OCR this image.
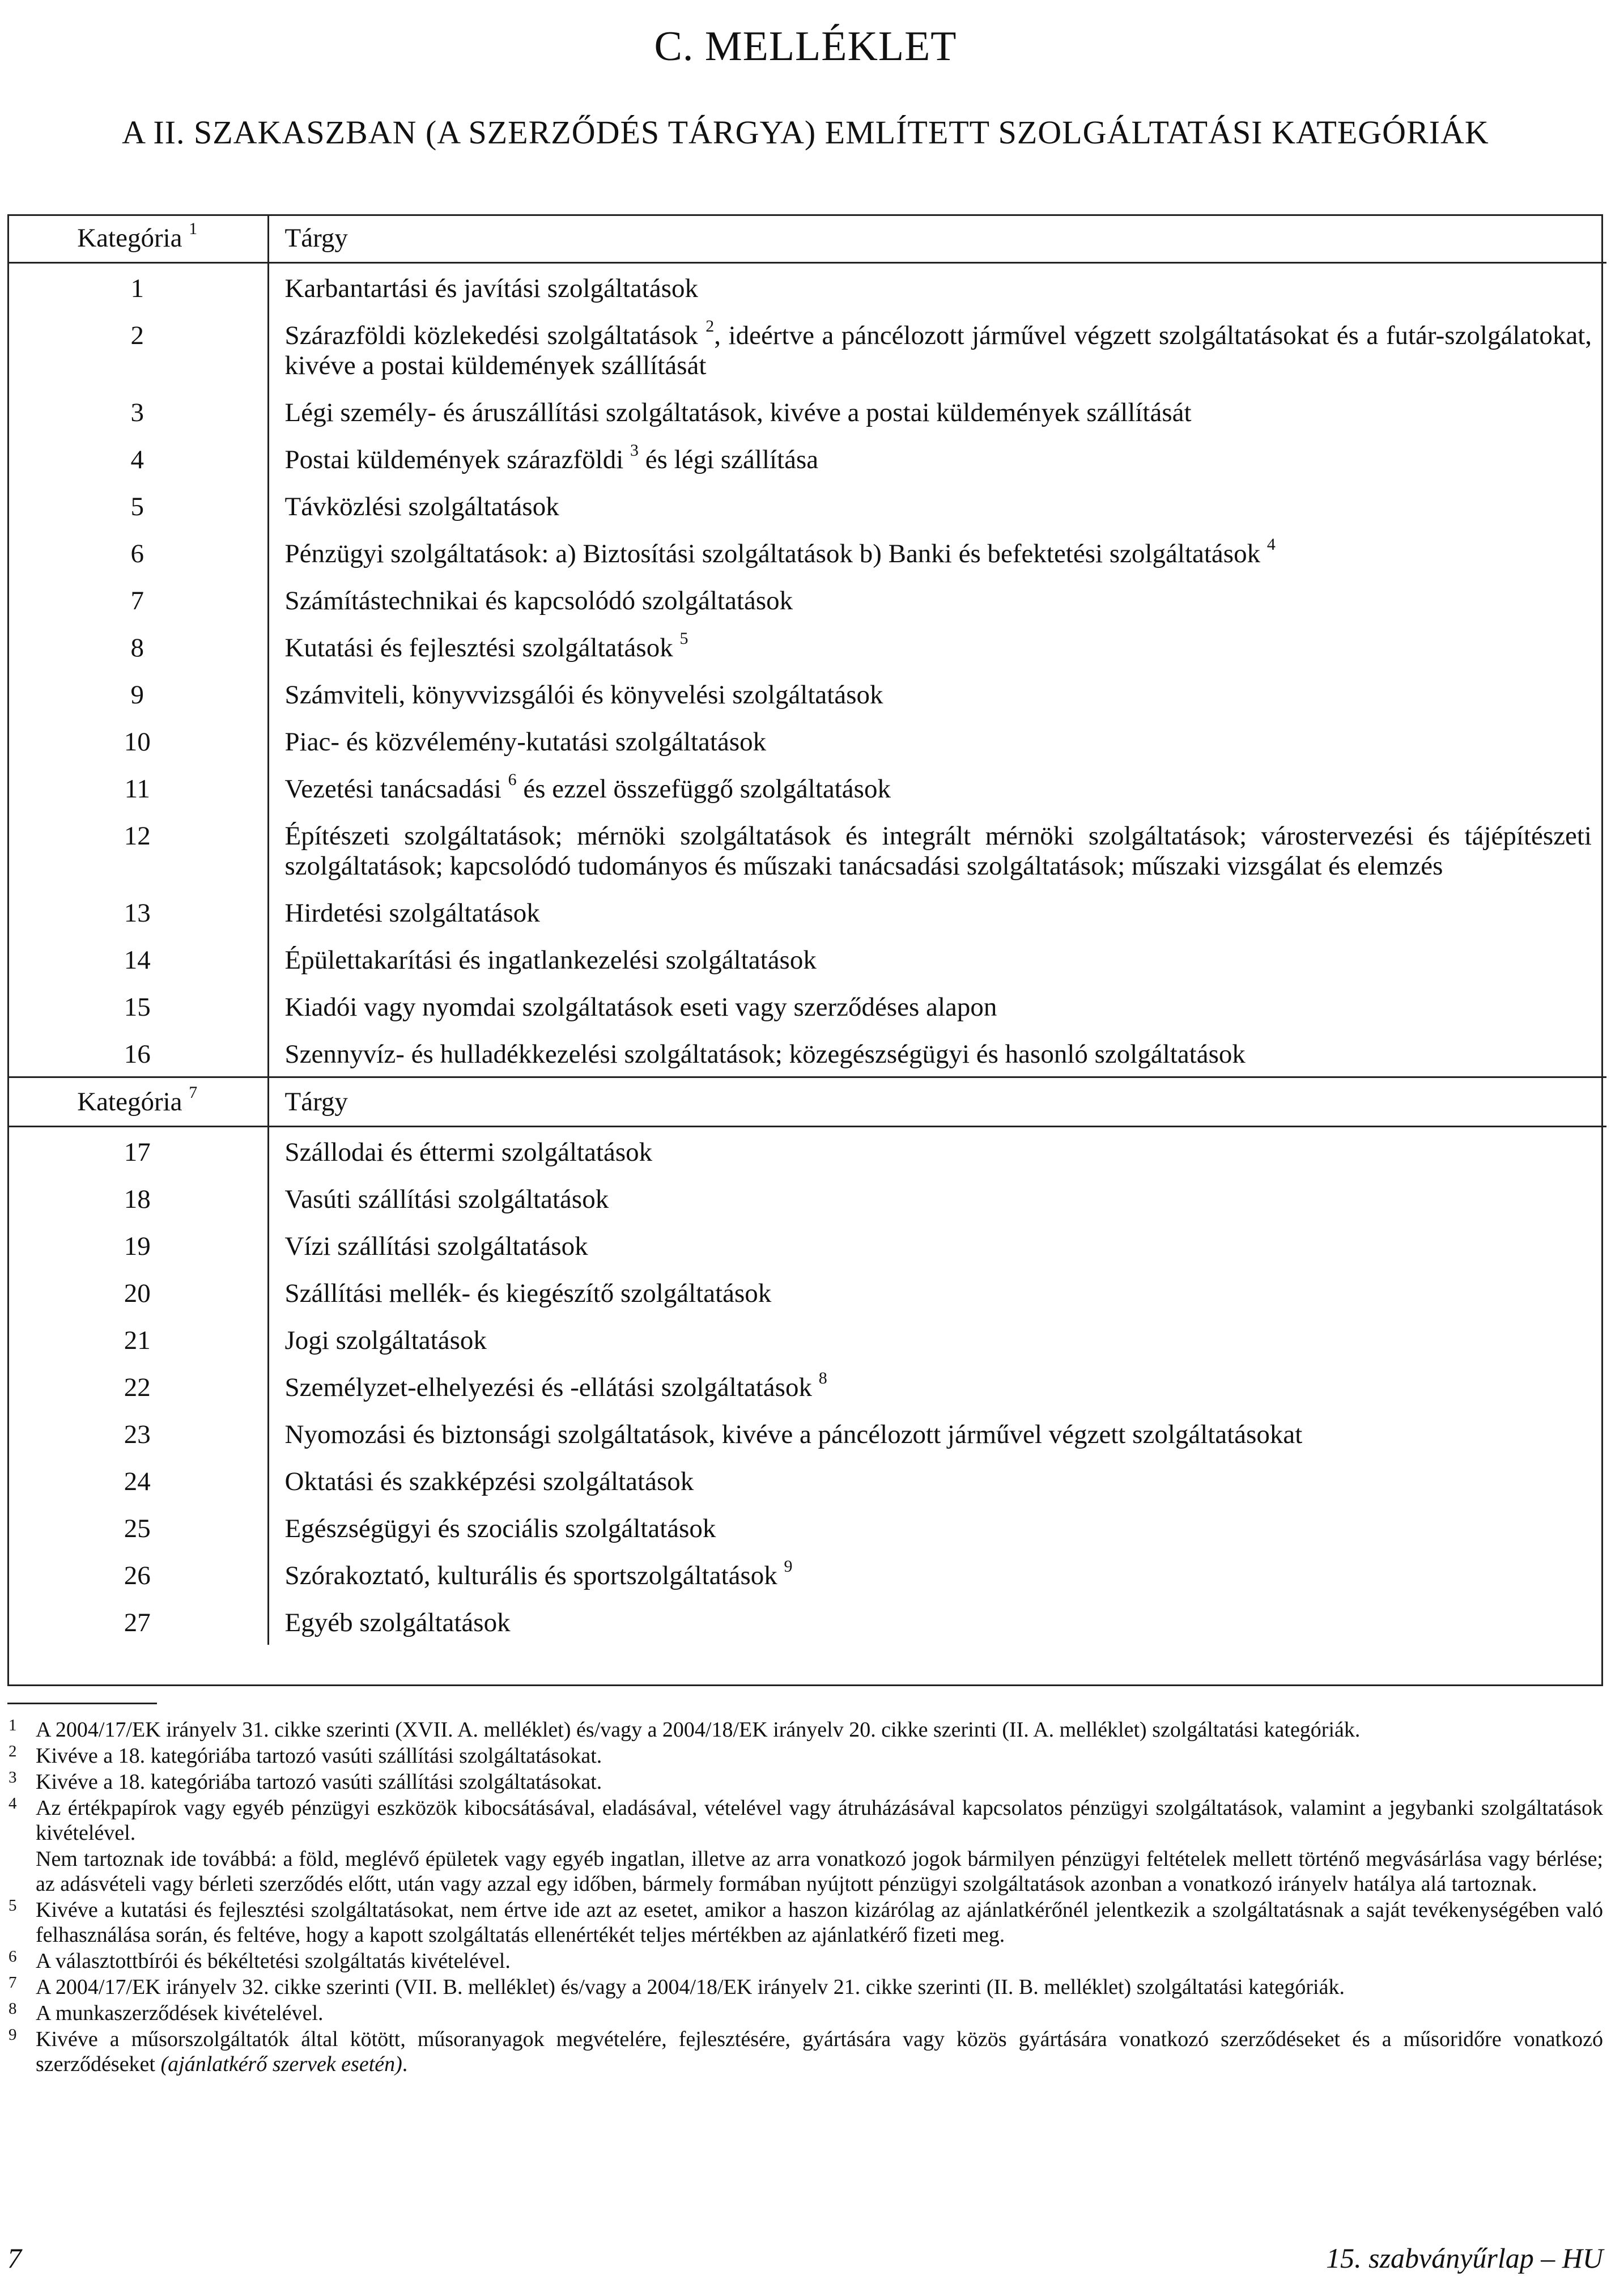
C. MELLÉKLET
A II. SZAKASZBAN (A SZERZŐDÉS TÁRGYA) EMLÍTETT SZOLGÁLTATÁSI KATEGÓRIÁK
Kategória $^1$	Tárgy
1	Karbantartási és javítási szolgáltatások
2	Szárazföldi közlekedési szolgáltatások $^2$, ideértve a páncélozott járművel végzett szolgáltatásokat és a futár-szolgálatokat, kivéve a postai küldemények szállítását
3	Légi személy- és áruszállítási szolgáltatások, kivéve a postai küldemények szállítását
4	Postai küldemények szárazföldi $^3$ és légi szállítása
5	Távközlési szolgáltatások
6	Pénzügyi szolgáltatások: a) Biztosítási szolgáltatások b) Banki és befektetési szolgáltatások $^4$
7	Számítástechnikai és kapcsolódó szolgáltatások
8	Kutatási és fejlesztési szolgáltatások $^5$
9	Számviteli, könyvvizsgálói és könyvelési szolgáltatások
10	Piac- és közvélemény-kutatási szolgáltatások
11	Vezetési tanácsadási $^6$ és ezzel összefüggő szolgáltatások
12	Építészeti szolgáltatások; mérnöki szolgáltatások és integrált mérnöki szolgáltatások; várostervezési és tájépítészeti szolgáltatások; kapcsolódó tudományos és műszaki tanácsadási szolgáltatások; műszaki vizsgálat és elemzés
13	Hirdetési szolgáltatások
14	Épülettakarítási és ingatlankezelési szolgáltatások
15	Kiadói vagy nyomdai szolgáltatások eseti vagy szerződéses alapon
16	Szennyvíz- és hulladékkezelési szolgáltatások; közegészségügyi és hasonló szolgáltatások
Kategória $^7$	Tárgy
17	Szállodai és éttermi szolgáltatások
18	Vasúti szállítási szolgáltatások
19	Vízi szállítási szolgáltatások
20	Szállítási mellék- és kiegészítő szolgáltatások
21	Jogi szolgáltatások
22	Személyzet-elhelyezési és -ellátási szolgáltatások $^8$
23	Nyomozási és biztonsági szolgáltatások, kivéve a páncélozott járművel végzett szolgáltatásokat
24	Oktatási és szakképzési szolgáltatások
25	Egészségügyi és szociális szolgáltatások
26	Szórakoztató, kulturális és sportszolgáltatások $^9$
27	Egyéb szolgáltatások
1 A 2004/17/EK irányelv 31. cikke szerinti (XVII. A. melléklet) és/vagy a 2004/18/EK irányelv 20. cikke szerinti (II. A. melléklet) szolgáltatási kategóriák.
2 Kivéve a 18. kategóriába tartozó vasúti szállítási szolgáltatásokat.
3 Kivéve a 18. kategóriába tartozó vasúti szállítási szolgáltatásokat.
4 Az értékpapírok vagy egyéb pénzügyi eszközök kibocsátásával, eladásával, vételével vagy átruházásával kapcsolatos pénzügyi szolgáltatások, valamint a jegybanki szolgáltatások kivételével.
Nem tartoznak ide továbbá: a föld, meglévő épületek vagy egyéb ingatlan, illetve az arra vonatkozó jogok bármilyen pénzügyi feltételek mellett történő megvásárlása vagy bérlése; az adásvételi vagy bérleti szerződés előtt, után vagy azzal egy időben, bármely formában nyújtott pénzügyi szolgáltatások azonban a vonatkozó irányelv hatálya alá tartoznak.
5 Kivéve a kutatási és fejlesztési szolgáltatásokat, nem értve ide azt az esetet, amikor a haszon kizárólag az ajánlatkérőnél jelentkezik a szolgáltatásnak a saját tevékenységében való felhasználása során, és feltéve, hogy a kapott szolgáltatás ellenértékét teljes mértékben az ajánlatkérő fizeti meg.
6 A választottbírói és békéltetési szolgáltatás kivételével.
7 A 2004/17/EK irányelv 32. cikke szerinti (VII. B. melléklet) és/vagy a 2004/18/EK irányelv 21. cikke szerinti (II. B. melléklet) szolgáltatási kategóriák.
8 A munkaszerződések kivételével.
9 Kivéve a műsorszolgáltatók által kötött, műsoranyagok megvételére, fejlesztésére, gyártására vagy közös gyártására vonatkozó szerződéseket és a műsoridőre vonatkozó szerződéseket (ajánlatkérő szervek esetén).
7	15. szabványűrlap – HU
